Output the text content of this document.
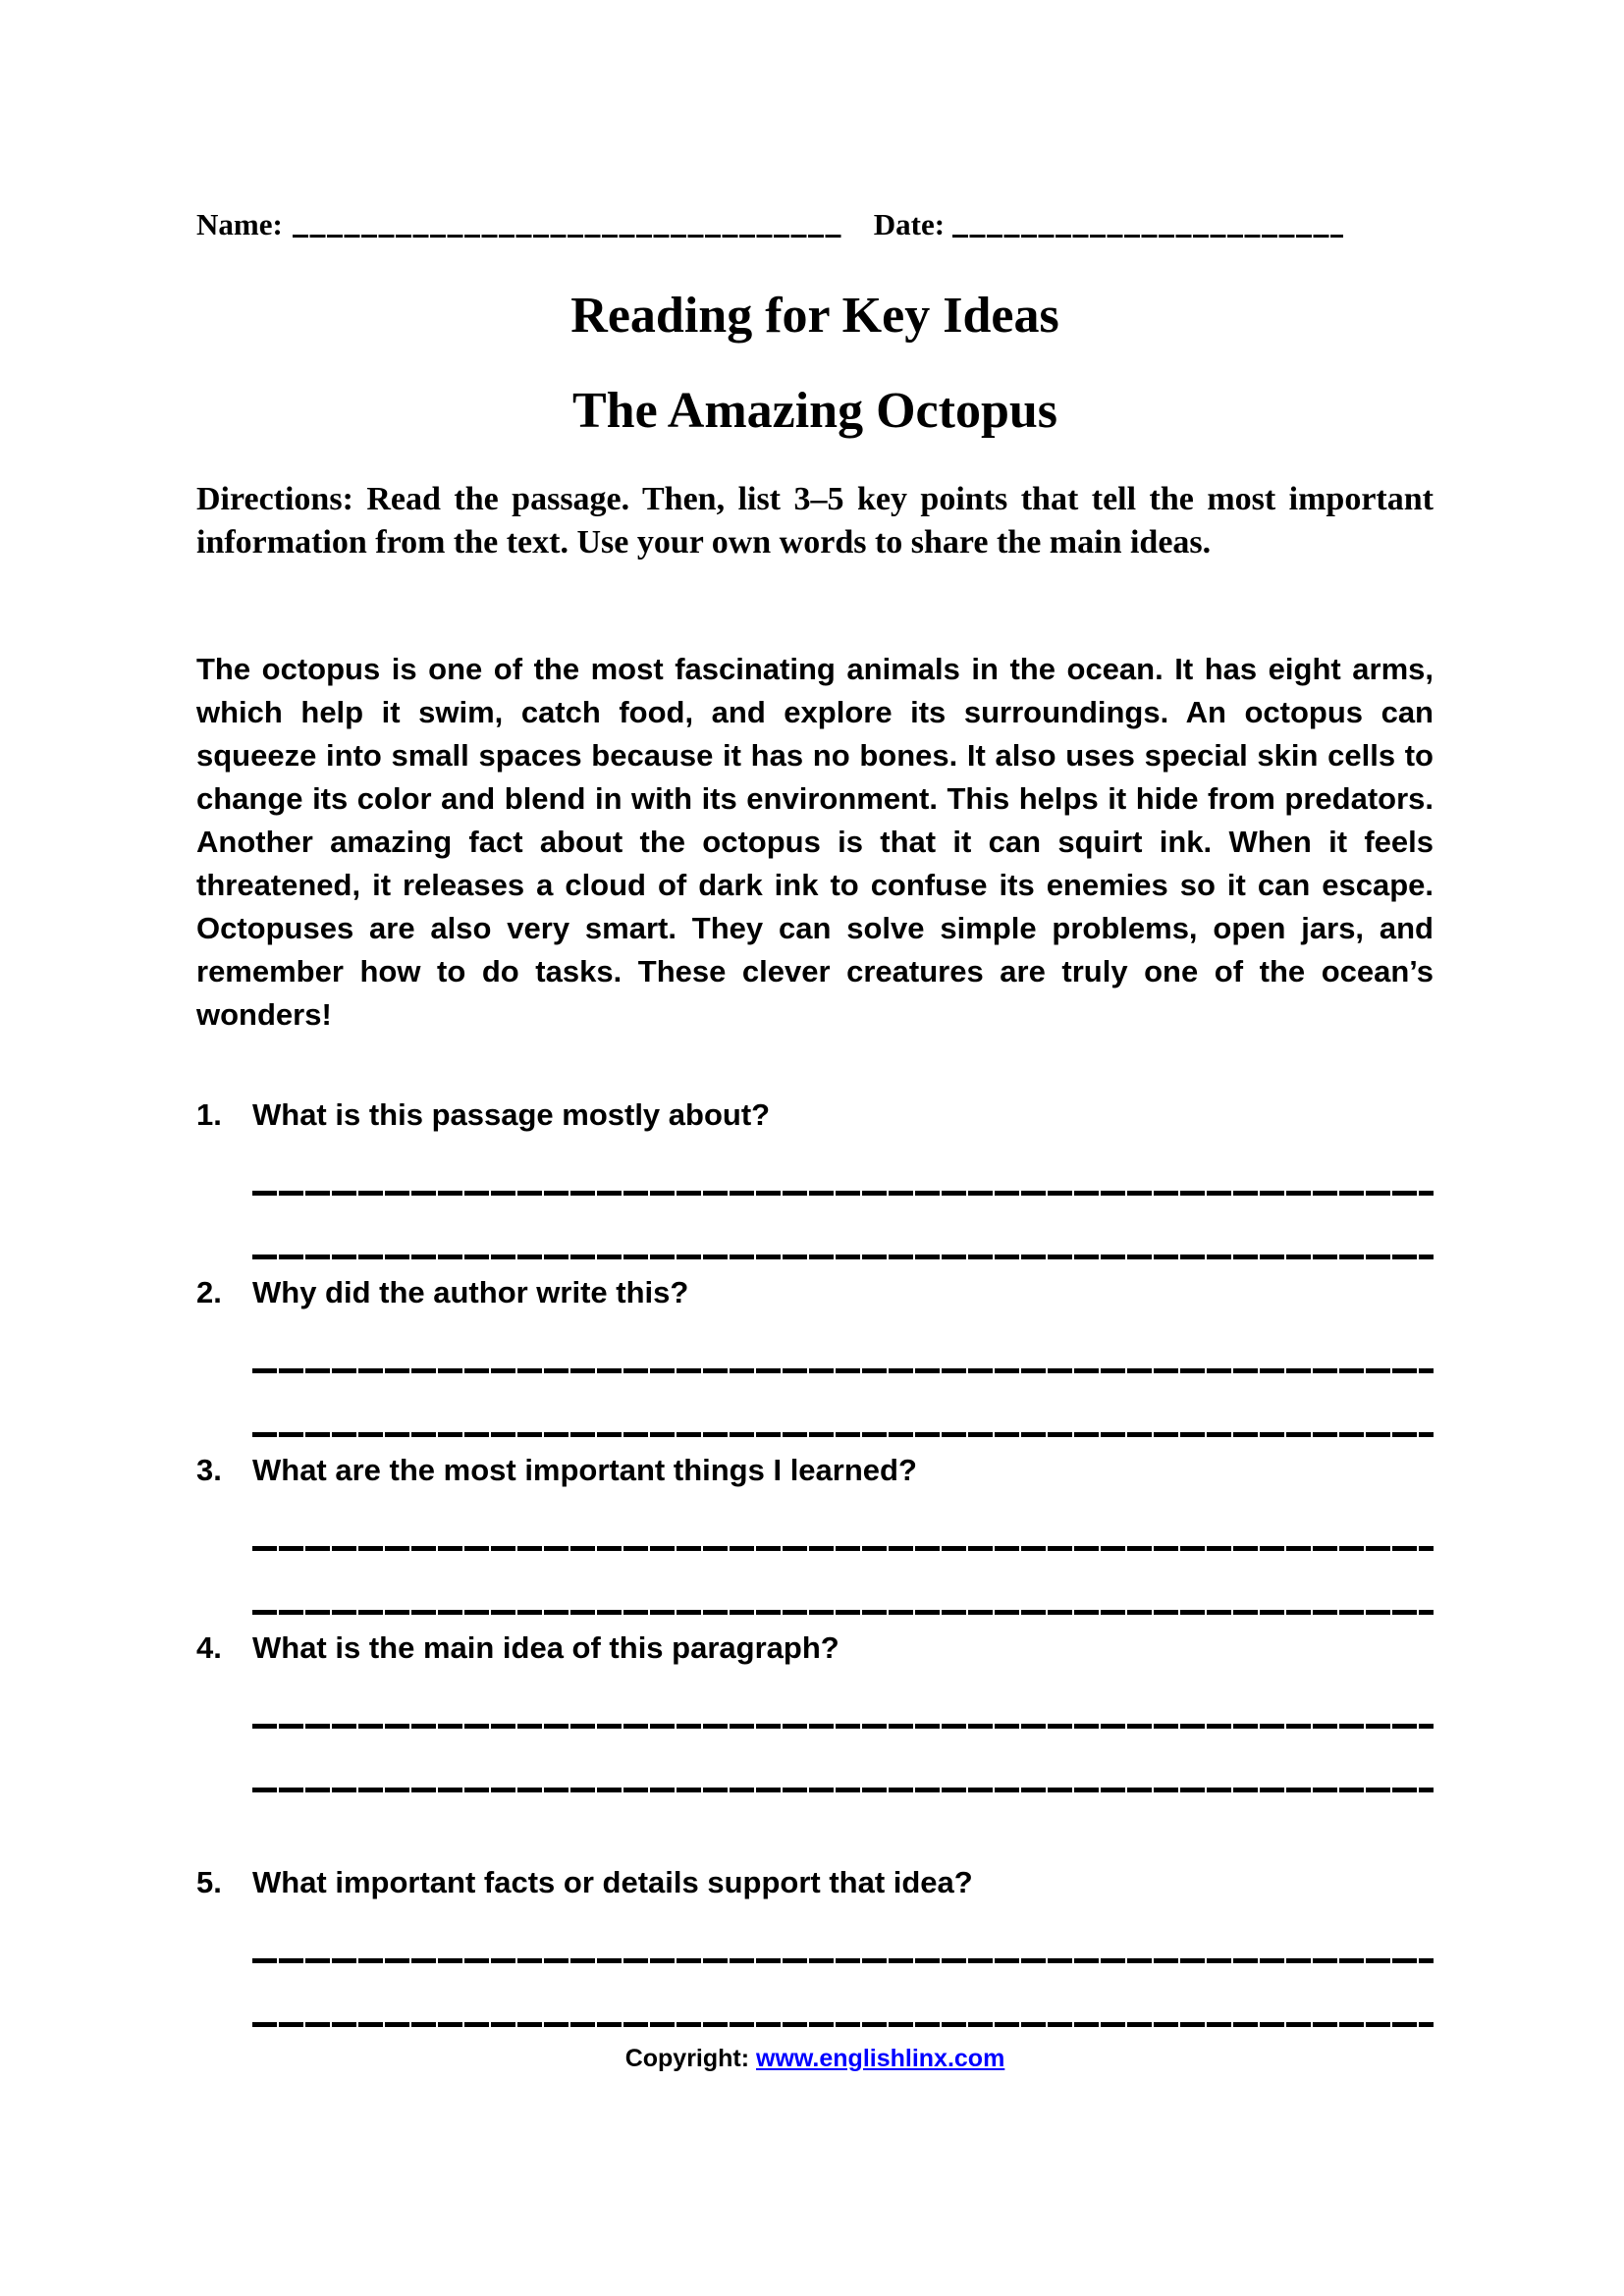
Name:	Date:
Reading for Key Ideas
The Amazing Octopus
Directions: Read the passage. Then, list 3–5 key points that tell the most important information from the text. Use your own words to share the main ideas.
The octopus is one of the most fascinating animals in the ocean. It has eight arms, which help it swim, catch food, and explore its surroundings. An octopus can squeeze into small spaces because it has no bones. It also uses special skin cells to change its color and blend in with its environment. This helps it hide from predators. Another amazing fact about the octopus is that it can squirt ink. When it feels threatened, it releases a cloud of dark ink to confuse its enemies so it can escape. Octopuses are also very smart. They can solve simple problems, open jars, and remember how to do tasks. These clever creatures are truly one of the ocean’s wonders!
1.	What is this passage mostly about?
2.	Why did the author write this?
3.	What are the most important things I learned?
4.	What is the main idea of this paragraph?
5.	What important facts or details support that idea?
Copyright: www.englishlinx.com
